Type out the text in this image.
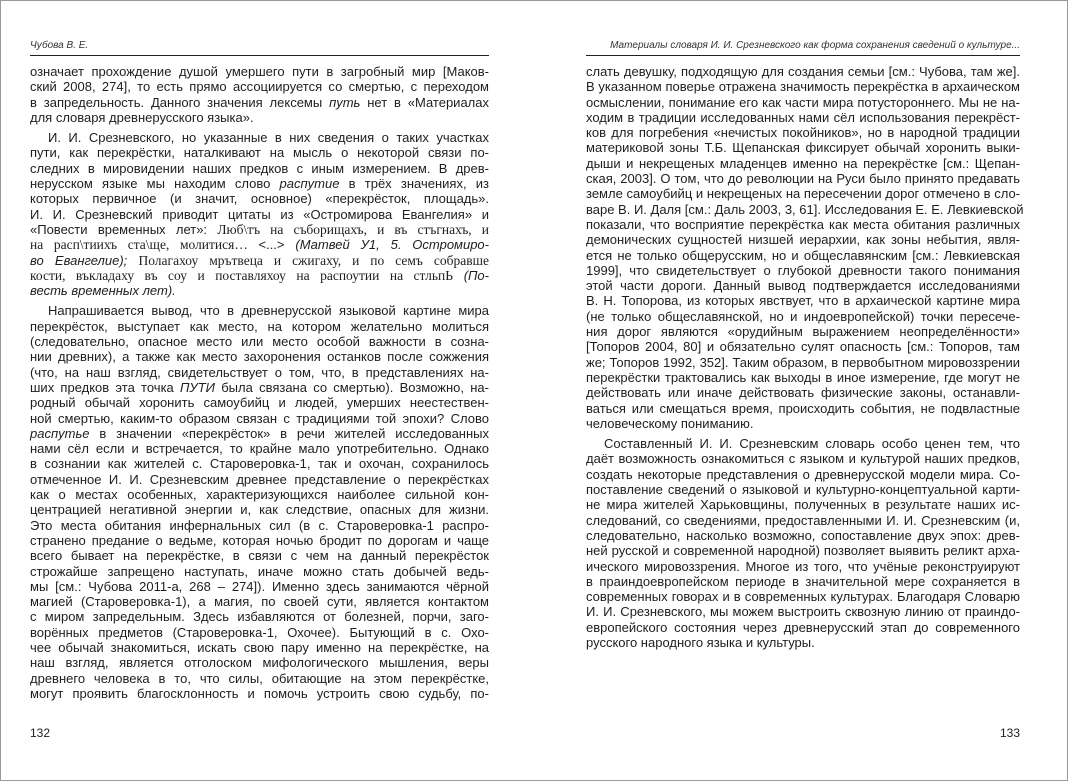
Чубова В. Е.
означает прохождение душой умершего пути в загробный мир [Маков-
ский 2008, 274], то есть прямо ассоциируется со смертью, с переходом
в запредельность. Данного значения лексемы путь нет в «Материалах
для словаря древнерусского языка».
И. И. Срезневского, но указанные в них сведения о таких участках
пути, как перекрёстки, наталкивают на мысль о некоторой связи по-
следних в мировидении наших предков с иным измерением. В древ-
нерусском языке мы находим слово распутие в трёх значениях, из
которых первичное (и значит, основное) «перекрёсток, площадь».
И. И. Срезневский приводит цитаты из «Остромирова Евангелия» и
«Повести временных лет»: Люб\тъ на съборищахъ, и въ стъгнахъ, и
на расп\тиихъ ста\ще, молитися… <...> (Матвей У1, 5. Остромиро-
во Евангелие); Полагахоу мрътвеца и сжигаху, и по семъ собравше
кости, въкладаху въ соу и поставляхоу на распоутии на стльпЬ (По-
весть временных лет).
Напрашивается вывод, что в древнерусской языковой картине мира
перекрёсток, выступает как место, на котором желательно молиться
(следовательно, опасное место или место особой важности в созна-
нии древних), а также как место захоронения останков после сожжения
(что, на наш взгляд, свидетельствует о том, что, в представлениях на-
ших предков эта точка ПУТИ была связана со смертью). Возможно, на-
родный обычай хоронить самоубийц и людей, умерших неестествен-
ной смертью, каким-то образом связан с традициями той эпохи? Слово
распутье в значении «перекрёсток» в речи жителей исследованных
нами сёл если и встречается, то крайне мало употребительно. Однако
в сознании как жителей с. Староверовка-1, так и охочан, сохранилось
отмеченное И. И. Срезневским древнее представление о перекрёстках
как о местах особенных, характеризующихся наиболее сильной кон-
центрацией негативной энергии и, как следствие, опасных для жизни.
Это места обитания инфернальных сил (в с. Староверовка-1 распро-
странено предание о ведьме, которая ночью бродит по дорогам и чаще
всего бывает на перекрёстке, в связи с чем на данный перекрёсток
строжайше запрещено наступать, иначе можно стать добычей ведь-
мы [см.: Чубова 2011-а, 268 – 274]). Именно здесь занимаются чёрной
магией (Староверовка-1), а магия, по своей сути, является контактом
с миром запредельным. Здесь избавляются от болезней, порчи, заго-
ворённых предметов (Староверовка-1, Охочее). Бытующий в с. Охо-
чее обычай знакомиться, искать свою пару именно на перекрёстке, на
наш взгляд, является отголоском мифологического мышления, веры
древнего человека в то, что силы, обитающие на этом перекрёстке,
могут проявить благосклонность и помочь устроить свою судьбу, по-
132
Материалы словаря И. И. Срезневского как форма сохранения сведений о культуре...
слать девушку, подходящую для создания семьи [см.: Чубова, там же].
В указанном поверье отражена значимость перекрёстка в архаическом
осмыслении, понимание его как части мира потустороннего. Мы не на-
ходим в традиции исследованных нами сёл использования перекрёст-
ков для погребения «нечистых покойников», но в народной традиции
материковой зоны Т.Б. Щепанская фиксирует обычай хоронить выки-
дыши и некрещеных младенцев именно на перекрёстке [см.: Щепан-
ская, 2003]. О том, что до революции на Руси было принято предавать
земле самоубийц и некрещеных на пересечении дорог отмечено в сло-
варе В. И. Даля [см.: Даль 2003, 3, 61]. Исследования Е. Е. Левкиевской
показали, что восприятие перекрёстка как места обитания различных
демонических сущностей низшей иерархии, как зоны небытия, явля-
ется не только общерусским, но и общеславянским [см.: Левкиевская
1999], что свидетельствует о глубокой древности такого понимания
этой части дороги. Данный вывод подтверждается исследованиями
В. Н. Топорова, из которых явствует, что в архаической картине мира
(не только общеславянской, но и индоевропейской) точки пересече-
ния дорог являются «орудийным выражением неопределённости»
[Топоров 2004, 80] и обязательно сулят опасность [см.: Топоров, там
же; Топоров 1992, 352]. Таким образом, в первобытном мировоззрении
перекрёстки трактовались как выходы в иное измерение, где могут не
действовать или иначе действовать физические законы, останавли-
ваться или смещаться время, происходить события, не подвластные
человеческому пониманию.
Составленный И. И. Срезневским словарь особо ценен тем, что
даёт возможность ознакомиться с языком и культурой наших предков,
создать некоторые представления о древнерусской модели мира. Со-
поставление сведений о языковой и культурно-концептуальной карти-
не мира жителей Харьковщины, полученных в результате наших ис-
следований, со сведениями, предоставленными И. И. Срезневским (и,
следовательно, насколько возможно, сопоставление двух эпох: древ-
ней русской и современной народной) позволяет выявить реликт арха-
ического мировоззрения. Многое из того, что учёные реконструируют
в праиндоевропейском периоде в значительной мере сохраняется в
современных говорах и в современных культурах. Благодаря Словарю
И. И. Срезневского, мы можем выстроить сквозную линию от праиндо-
европейского состояния через древнерусский этап до современного
русского народного языка и культуры.
133
